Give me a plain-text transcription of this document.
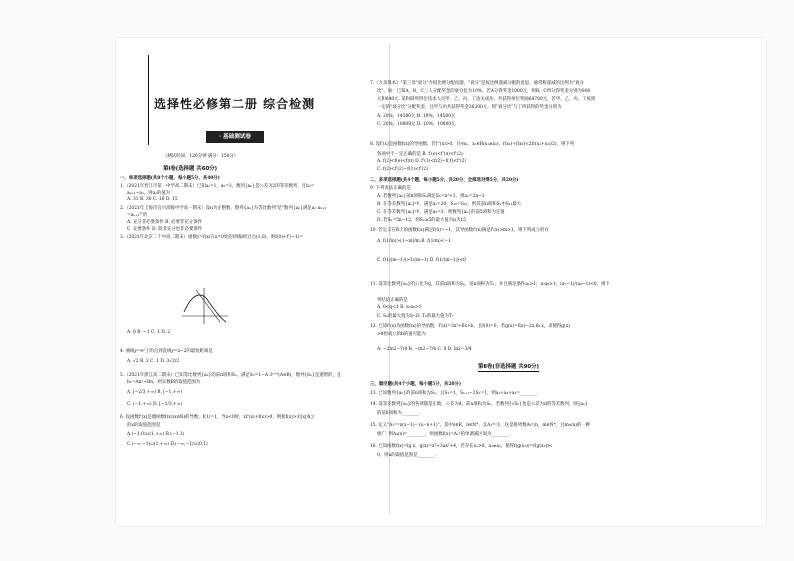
选择性必修第二册 综合检测
· 基础测试卷
（测试时间：120分钟 满分：150分）
第Ⅰ卷(选择题 共60分)
一、单项选择题(共8个小题，每小题5分，共40分)
1.（2021年晋江市第一中学高二期末）已知a₁=1，a₅=3，数列{aₙ}是公差为2的等差数列，且bₙ=
aₙ₊₁−aₙ，则a₁的值为
A. 31 B. 30 C. 16 D. 15
2.（2021年上海市宜兴高级中学高一期末）设n为正整数，数列{aₙ}为等比数列"是"数列{aₙ}满足aₙ·aₙ₊₂
=aₙ₊₁²"的
A. 充分非必要条件 B. 必要非充分条件
C. 充要条件 D. 既非充分也非必要条件
3.（2021年北京二十中高二期末）函数y=f(x)在x=0处的切线l经过点(1,0)，则f(0)+f'(−1)=
A. 0 B. −1 C. 1 D. 2
4. 曲线y=eˣ上的点到直线y=x−2的最短距离是
A. √2 B. 2 C. 1 D. 3√2/2
5.（2021年浙江高二期末）已知等比数列{aₙ}的前n项和Sₙ，满足Sₙ=1−A·3ⁿ⁺¹(A∈R)，数列{bₙ}是递增的，且
bₙ=Anⁿ+Bn，则实数B的取值范围为
A. [−2/3,+∞) B. [−1,+∞)
C. (−1,+∞) D. [−1/3,+∞)
6. 设函数f'(x)是偶函数f(x)(x∈R)的导数，f(1)=1，当x<0时，xf'(x)+f(x)>0，则使f(x)>1/|x|成立
的x的取值范围是
A.(−1,0)∪(1,+∞) B.(−1,1)
C.(−∞,−1)∪(1,+∞) D.(−∞,−1)∪(0,1)
7.《九章算术》"第三章"衰分"介绍比例分配问题，"衰分"是按比例递减分配的意思，通常称递减的比例为"衰分
比"，如：已知A，B，C三人分配奖金的衰分比为10%，若A分得奖金1000元，则B，C所分得奖金分别为800
元和640元. 某科研所四位技术人员甲、乙、丙、丁攻关成功，共获得单位奖励68780元，若甲、乙、丙、丁按照
一定的"衰分比"分配奖金，且甲与丙共获得奖金36200元，则"衰分比"与丁所获得的奖金分别为
A. 20%，14580元 B. 10%，14580元
C. 20%，10800元 D. 10%，10800元
8. 设f'(x)是函数f(x)的导函数，若f''(x)>0，且∀x₁，x₂∈R(x₁≠x₂)，f(x₁)+f(x₂)<2f((x₁+x₂)/2)，则下列
各项中不一定正确的是 B. f'(e)<f'(π)<f'(2)
A. f(2)<f(e)<f(π) D. f'(1)<f(2)−f(1)<f'(2)
C. f(2)<f'(2)−f(1)<f'(2)
二、多项选择题(共4个题，每小题5分，共20分，全部选对得5分，共20分)
9. 下列说法正确的是
A. 若数列{aₙ}前n项和Sₙ满足Sₙ=n²+1，则aₙ=2n−1
B. 在等差数列{aₙ}中，满足a₁=20，S₁₀=S₁₅，则其前n项和Sₙ中S₁₂最大
C. 在等差数列{aₙ}中，满足a₂=3，则数列{aₙ}的前5项和为定值
D. 若Sₙ=5n−12，则Sₙ≥5的最大值为n为15
10. 若定义在R上的函数f(x)满足f(0)=−1，其导函数f'(x)满足f'(x)>m>1，则下列成立的有
A. f(1/m)>(1−m)/m B. f(1/m)<−1
C. f(1/(m−1))>1/(m−1) D. f(1/(m−1))<0
11. 设等比数列{aₙ}的公比为q，其前n项和为Sₙ，前n项积为Tₙ，并且满足条件a₁>1，a₇a₈>1，(a₇−1)/(a₈−1)<0，则下
列结论正确的是
A. 0<q<1 B. a₇a₉>1
C. Sₙ的最大值为S₇ D. Tₙ的最大值为T₇
12. 已知f'(x)为函数f(x)的导函数，f'(x)=3x²+6x+b，且f(0)=0，若g(x)=f(x)−2x ln x，求使得g(x)
>0恒成立的b的值可能为
A. −2ln2−7/4 B. −ln2−7/4 C. 0 D. ln2−3/4
第Ⅱ卷(非选择题 共90分)
三、填空题(共4个小题，每小题5分，共20分)
13. 已知数列{aₙ}的前n项和为Sₙ，且S₁=1，Sₙ₊₁−2Sₙ=1，则a₁+a₂+a₃=________.
14. 设等差数列{aₙ}的各项都是正数，公差为d，前n项和为Sₙ，若数列{√Sₙ}也是公差为d的等差数列，则{aₙ}
的前6项和为________.
15. 定义"A₁ⁿ=x(x−1)···(x−n+1)"，其中x∈R，n∈N*，且A₁⁰=1，这是排列数A₁ⁿ(n，m∈N*，且m≤n)的一种
推广. 则A₄(x)=________，则函数f(x)=A₁ⁿ的单调减区间为________.
16. 已知函数f(x)=lg x，g(x)=x²+3ax²+4，若存在x₁>0，x₂≠x₁，使得f(g(x₁))=f(g(x₂))<
0，则a的取值范围是________.
